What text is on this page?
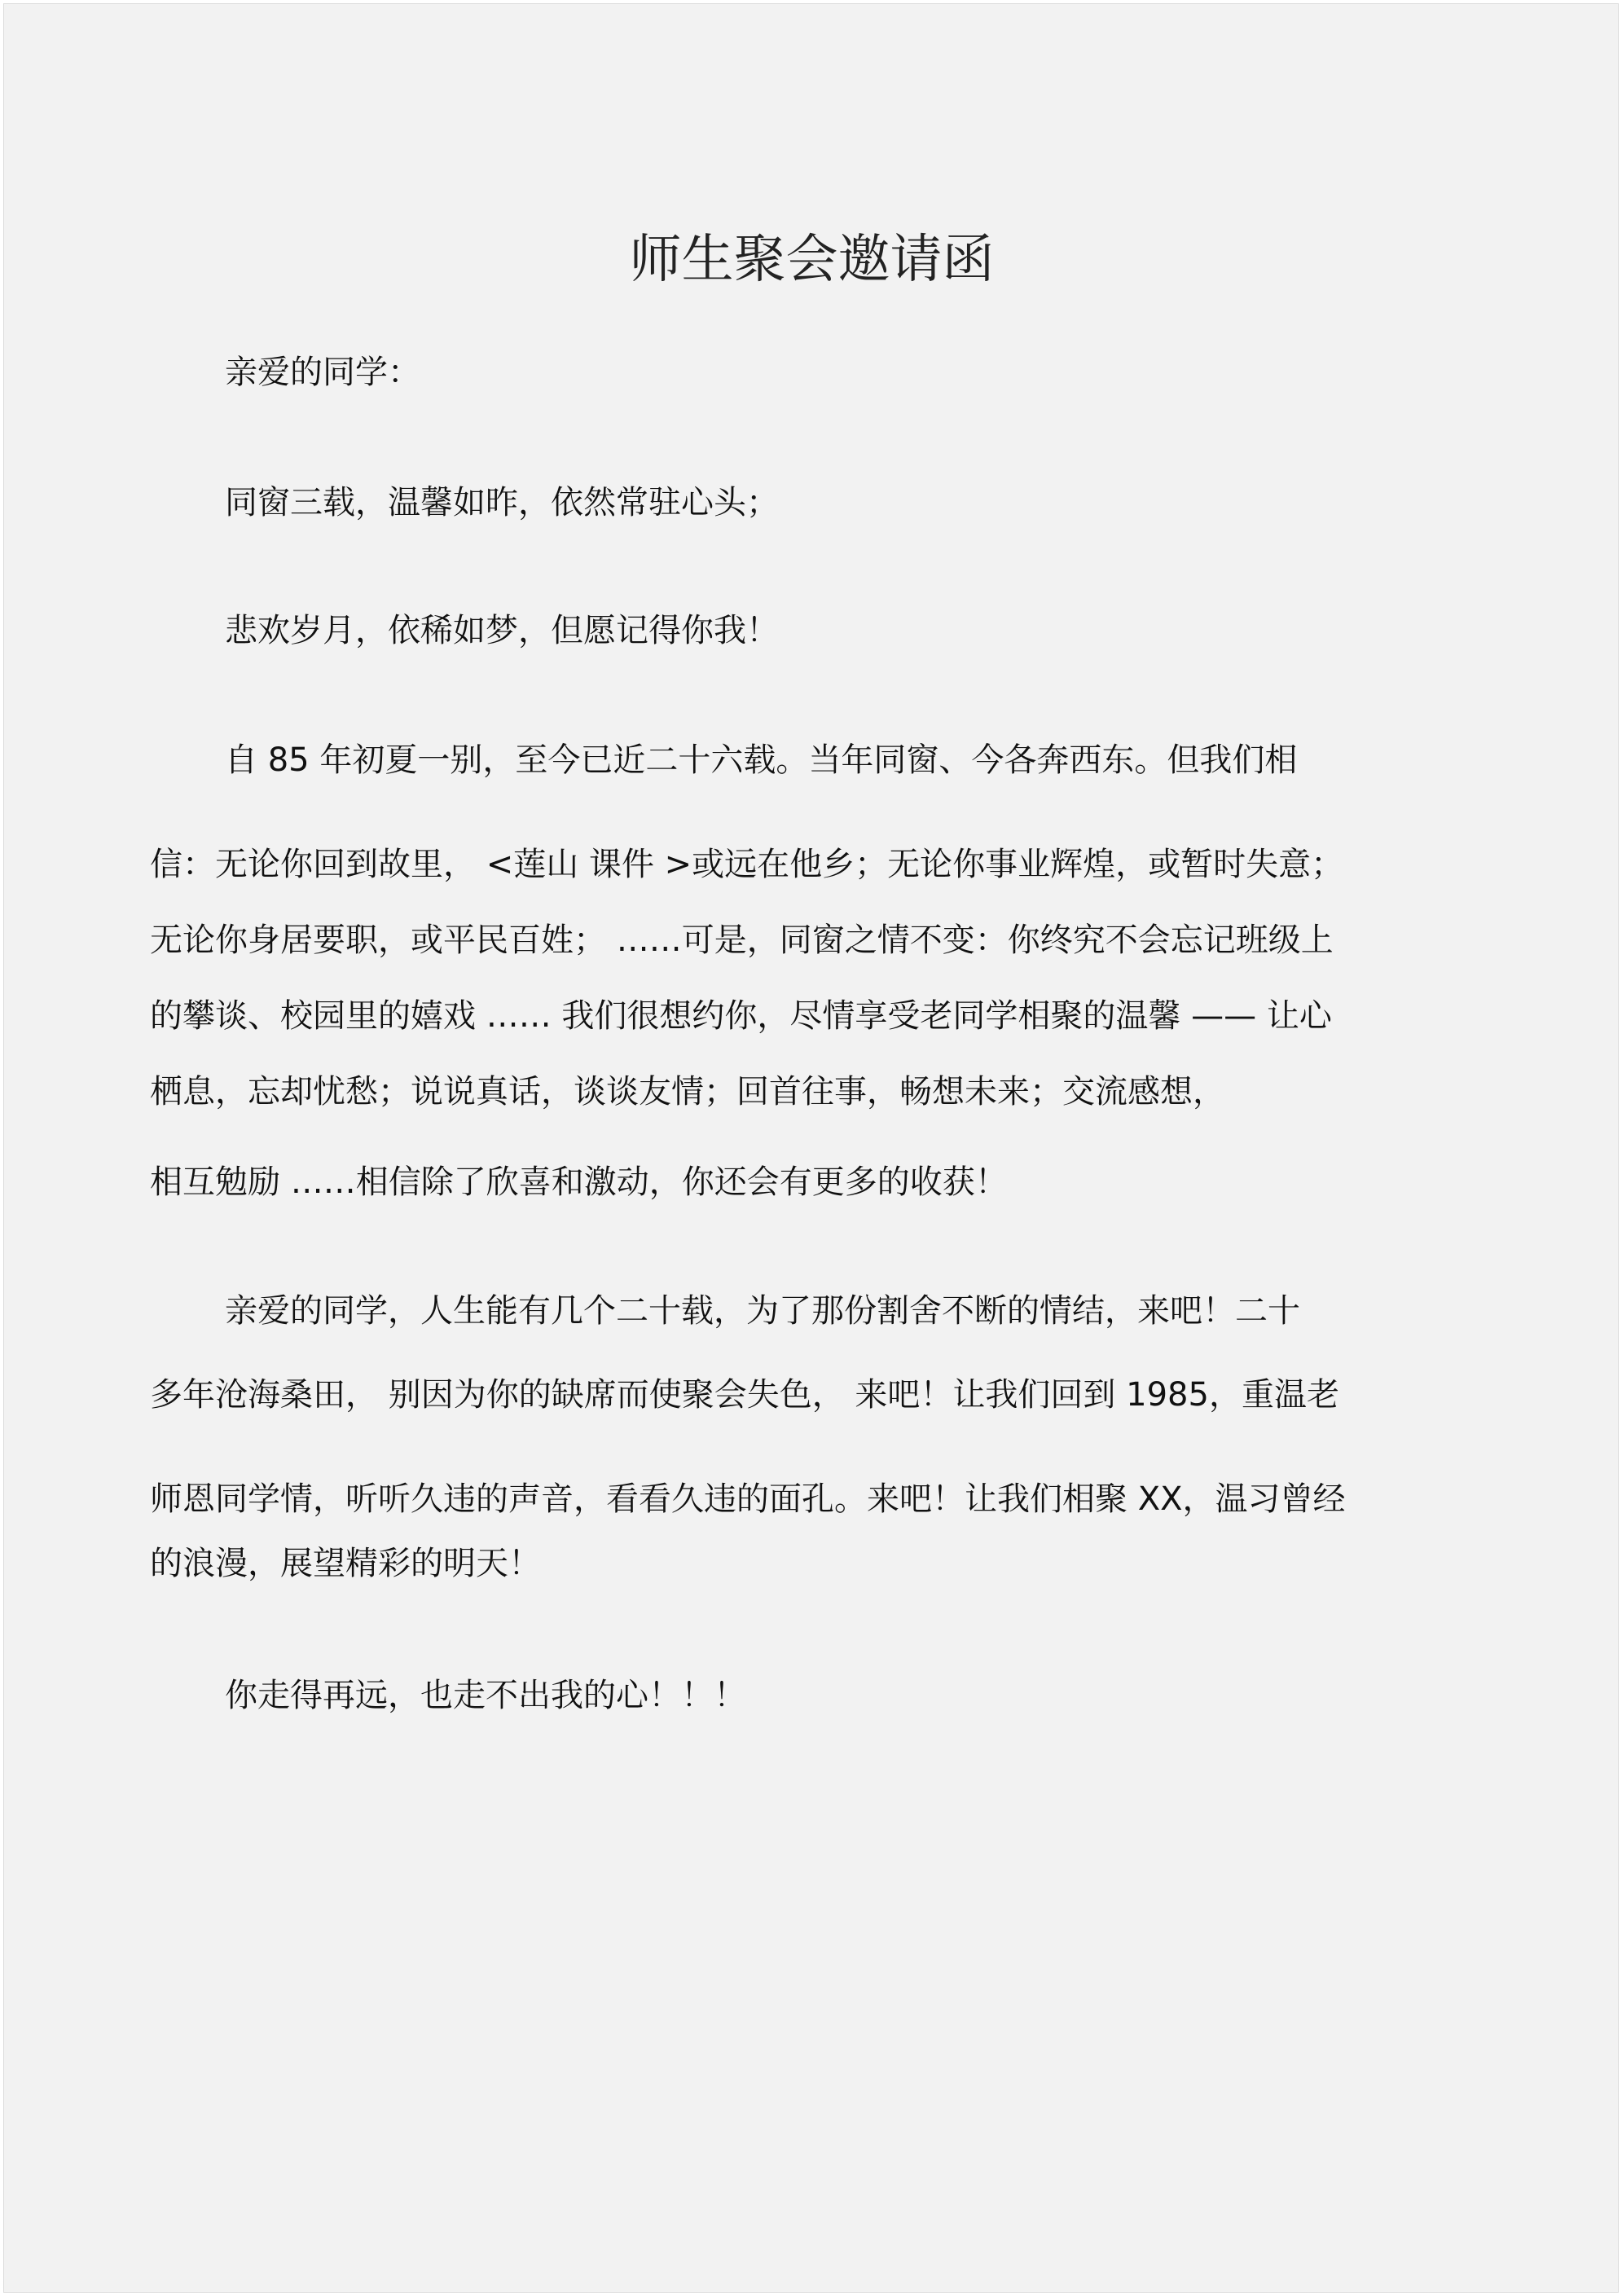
师生聚会邀请函
亲爱的同学：
同窗三载，温馨如昨，依然常驻心头；
悲欢岁月，依稀如梦，但愿记得你我！
自 85 年初夏一别，至今已近二十六载。当年同窗、今各奔西东。但我们相
信：无论你回到故里， <莲山 课件 >或远在他乡；无论你事业辉煌，或暂时失意；
无论你身居要职，或平民百姓； ……可是，同窗之情不变：你终究不会忘记班级上
的攀谈、校园里的嬉戏 …… 我们很想约你，尽情享受老同学相聚的温馨 —— 让心
栖息，忘却忧愁；说说真话，谈谈友情；回首往事，畅想未来；交流感想，
相互勉励 ……相信除了欣喜和激动，你还会有更多的收获！
亲爱的同学，人生能有几个二十载，为了那份割舍不断的情结，来吧！二十
多年沧海桑田， 别因为你的缺席而使聚会失色， 来吧！让我们回到 1985，重温老
师恩同学情，听听久违的声音，看看久违的面孔。来吧！让我们相聚 XX，温习曾经
的浪漫，展望精彩的明天！
你走得再远，也走不出我的心！！！
